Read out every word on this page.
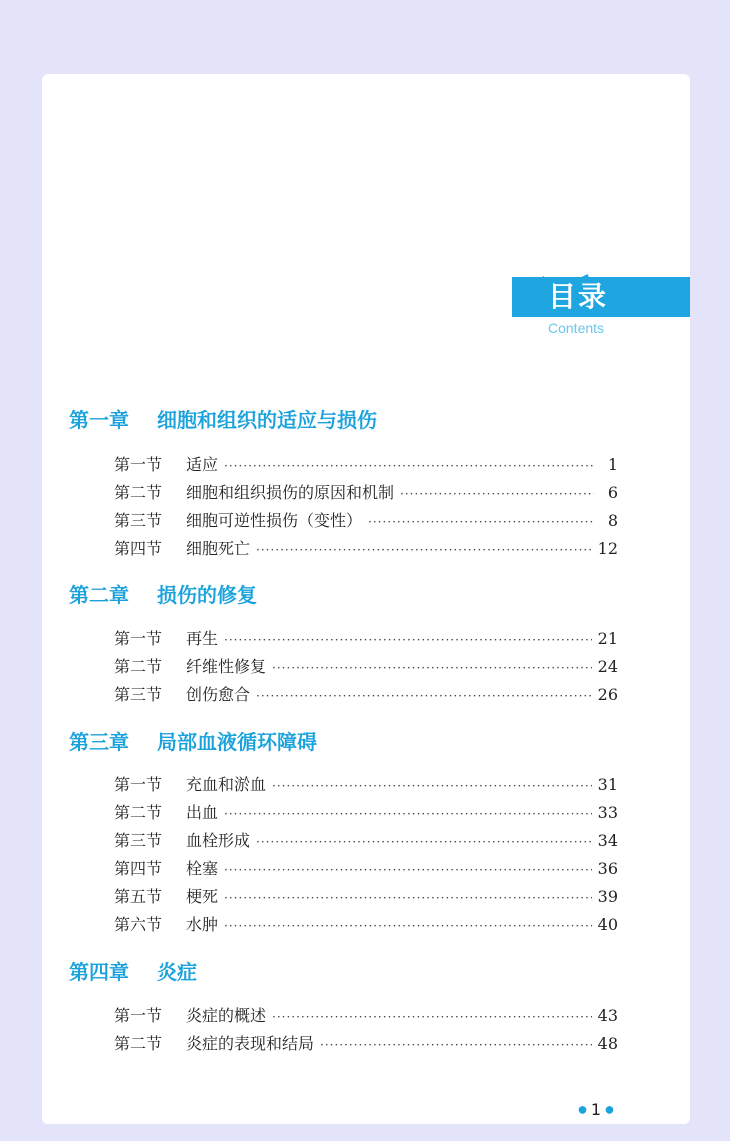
目录
Contents
第一章 细胞和组织的适应与损伤
第一节	适应 ·····	1
第二节	细胞和组织损伤的原因和机制 ·····	6
第三节	细胞可逆性损伤（变性） ·····	8
第四节	细胞死亡 ·····	12
第二章 损伤的修复
第一节	再生 ·····	21
第二节	纤维性修复 ·····	24
第三节	创伤愈合 ·····	26
第三章 局部血液循环障碍
第一节	充血和淤血 ·····	31
第二节	出血 ·····	33
第三节	血栓形成 ·····	34
第四节	栓塞 ·····	36
第五节	梗死 ·····	39
第六节	水肿 ·····	40
第四章 炎症
第一节	炎症的概述 ·····	43
第二节	炎症的表现和结局 ·····	48
● 1 ●
